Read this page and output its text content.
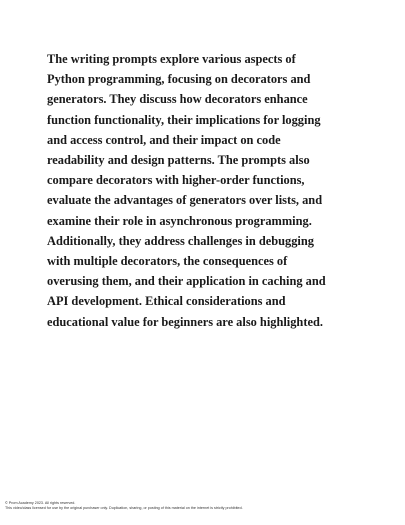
The writing prompts explore various aspects of
Python programming, focusing on decorators and
generators. They discuss how decorators enhance
function functionality, their implications for logging
and access control, and their impact on code
readability and design patterns. The prompts also
compare decorators with higher-order functions,
evaluate the advantages of generators over lists, and
examine their role in asynchronous programming.
Additionally, they address challenges in debugging
with multiple decorators, the consequences of
overusing them, and their application in caching and
API development. Ethical considerations and
educational value for beginners are also highlighted.

© Prom Academy 2023. All rights reserved.
This video/class licensed for use by the original purchaser only. Duplication, sharing, or posting of this material on the internet is strictly prohibited.
